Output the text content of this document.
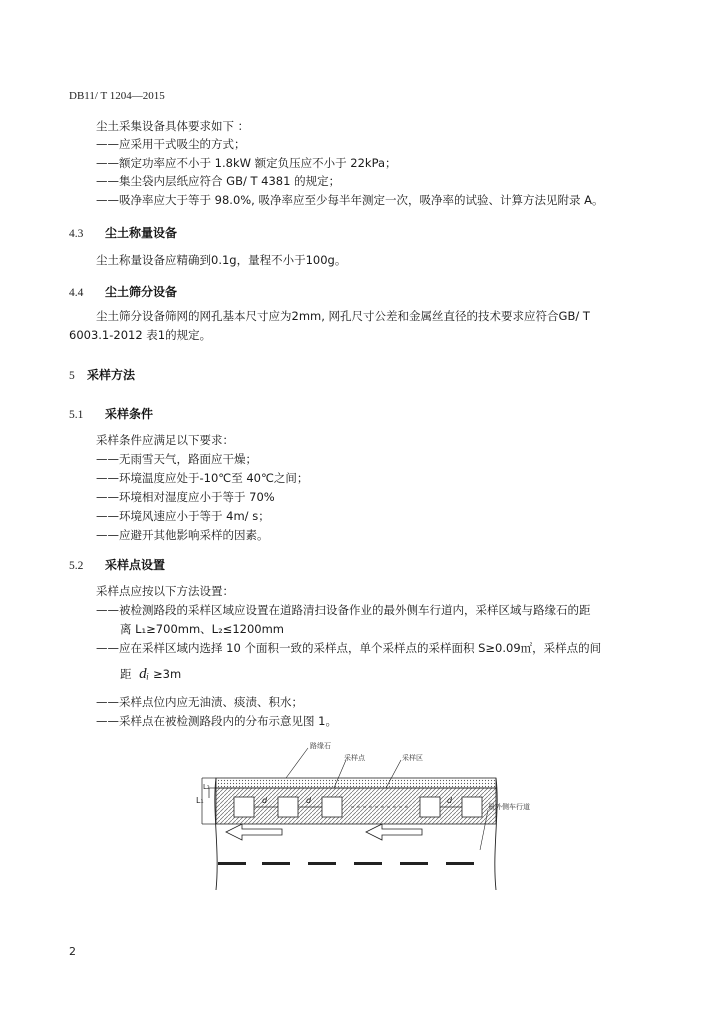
DB11/ T 1204—2015
尘土采集设备具体要求如下 ：
——应采用干式吸尘的方式；
——额定功率应不小于 1.8kW 额定负压应不小于 22kPa；
——集尘袋内层纸应符合 GB/ T 4381 的规定；
——吸净率应大于等于 98.0%, 吸净率应至少每半年测定一次，吸净率的试验、计算方法见附录 A。
4.3 尘土称量设备
尘土称量设备应精确到0.1g，量程不小于100g。
4.4 尘土筛分设备
尘土筛分设备筛网的网孔基本尺寸应为2mm, 网孔尺寸公差和金属丝直径的技术要求应符合GB/ T
6003.1-2012 表1的规定。
5 采样方法
5.1 采样条件
采样条件应满足以下要求：
——无雨雪天气，路面应干燥；
——环境温度应处于-10℃至 40℃之间；
——环境相对湿度应小于等于 70%
——环境风速应小于等于 4m/ s；
——应避开其他影响采样的因素。
5.2 采样点设置
采样点应按以下方法设置：
——被检测路段的采样区域应设置在道路清扫设备作业的最外侧车行道内，采样区域与路缘石的距
离 L₁≥700mm、L₂≤1200mm
——应在采样区域内选择 10 个面积一致的采样点，单个采样点的采样面积 S≥0.09㎡，采样点的间
距 dᵢ ≥3m
——采样点位内应无油渍、痰渍、积水；
——采样点在被检测路段内的分布示意见图 1。
路缘石
采样点	采样区
最外侧车行道
L₁
L₂
d	d	d
2
